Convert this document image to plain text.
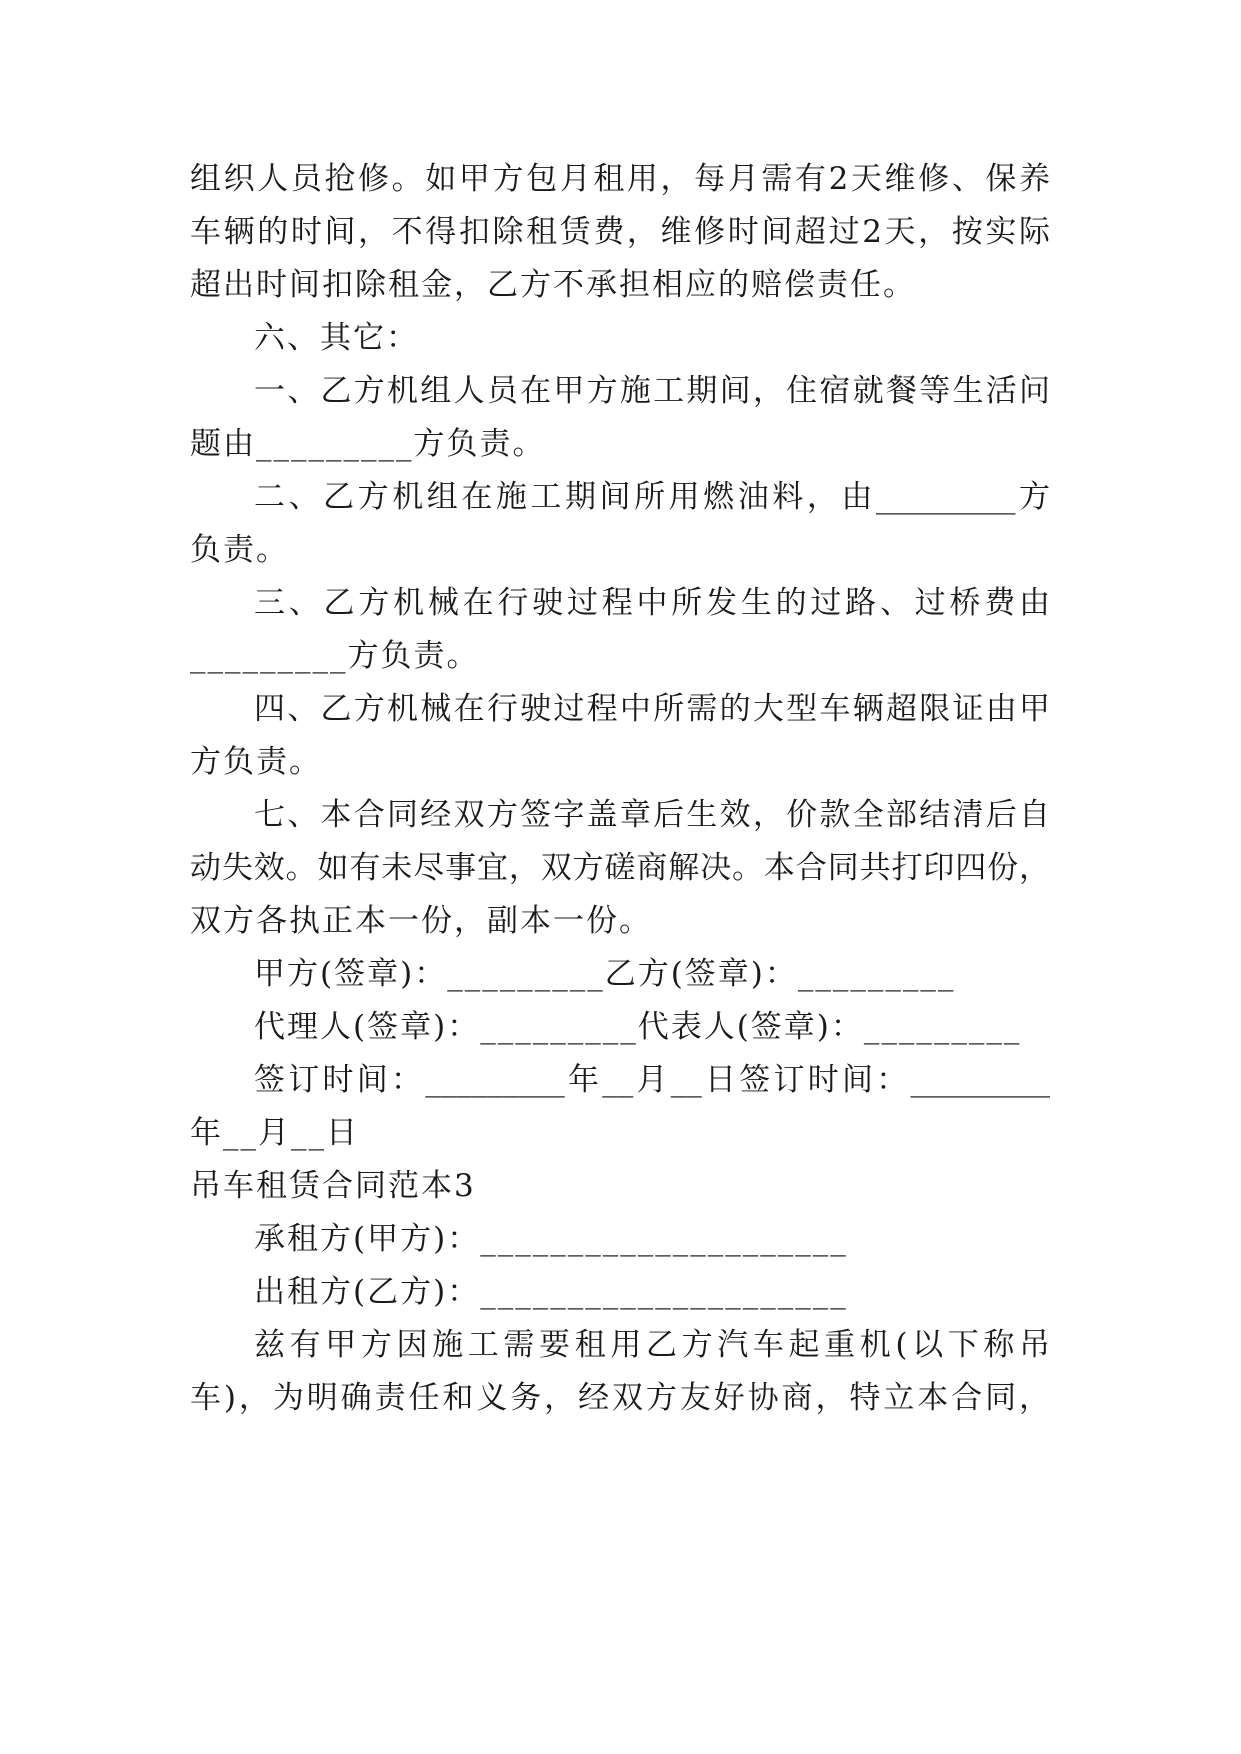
组织人员抢修。如甲方包月租用，每月需有2天维修、保养
车辆的时间，不得扣除租赁费，维修时间超过2天，按实际
超出时间扣除租金，乙方不承担相应的赔偿责任。
六、其它：
一、乙方机组人员在甲方施工期间，住宿就餐等生活问
题由_________方负责。
二、乙方机组在施工期间所用燃油料，由_________方
负责。
三、乙方机械在行驶过程中所发生的过路、过桥费由
_________方负责。
四、乙方机械在行驶过程中所需的大型车辆超限证由甲
方负责。
七、本合同经双方签字盖章后生效，价款全部结清后自
动失效。如有未尽事宜，双方磋商解决。本合同共打印四份，
双方各执正本一份，副本一份。
甲方(签章)：_________乙方(签章)：_________
代理人(签章)：_________代表人(签章)：_________
签订时间：_________年__月__日签订时间：_________
年__月__日
吊车租赁合同范本3
承租方(甲方)：_____________________
出租方(乙方)：_____________________
兹有甲方因施工需要租用乙方汽车起重机(以下称吊
车)，为明确责任和义务，经双方友好协商，特立本合同，
